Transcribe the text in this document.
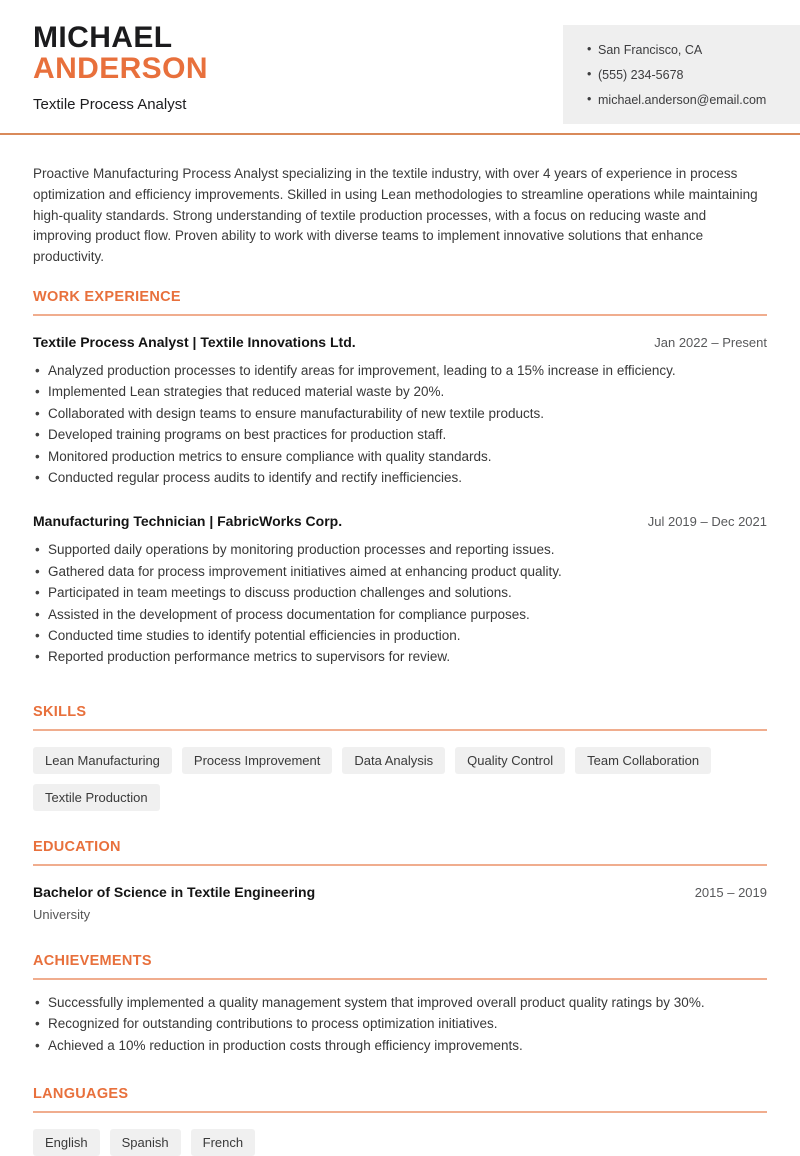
MICHAEL
ANDERSON
Textile Process Analyst
• San Francisco, CA
• (555) 234-5678
• michael.anderson@email.com

Proactive Manufacturing Process Analyst specializing in the textile industry, with over 4 years of experience in process optimization and efficiency improvements. Skilled in using Lean methodologies to streamline operations while maintaining high-quality standards. Strong understanding of textile production processes, with a focus on reducing waste and improving product flow. Proven ability to work with diverse teams to implement innovative solutions that enhance productivity.

WORK EXPERIENCE
Textile Process Analyst | Textile Innovations Ltd.	Jan 2022 – Present
• Analyzed production processes to identify areas for improvement, leading to a 15% increase in efficiency.
• Implemented Lean strategies that reduced material waste by 20%.
• Collaborated with design teams to ensure manufacturability of new textile products.
• Developed training programs on best practices for production staff.
• Monitored production metrics to ensure compliance with quality standards.
• Conducted regular process audits to identify and rectify inefficiencies.
Manufacturing Technician | FabricWorks Corp.	Jul 2019 – Dec 2021
• Supported daily operations by monitoring production processes and reporting issues.
• Gathered data for process improvement initiatives aimed at enhancing product quality.
• Participated in team meetings to discuss production challenges and solutions.
• Assisted in the development of process documentation for compliance purposes.
• Conducted time studies to identify potential efficiencies in production.
• Reported production performance metrics to supervisors for review.
SKILLS
Lean Manufacturing	Process Improvement	Data Analysis	Quality Control	Team Collaboration
Textile Production
EDUCATION
Bachelor of Science in Textile Engineering	2015 – 2019
University
ACHIEVEMENTS
• Successfully implemented a quality management system that improved overall product quality ratings by 30%.
• Recognized for outstanding contributions to process optimization initiatives.
• Achieved a 10% reduction in production costs through efficiency improvements.
LANGUAGES
English	Spanish	French
